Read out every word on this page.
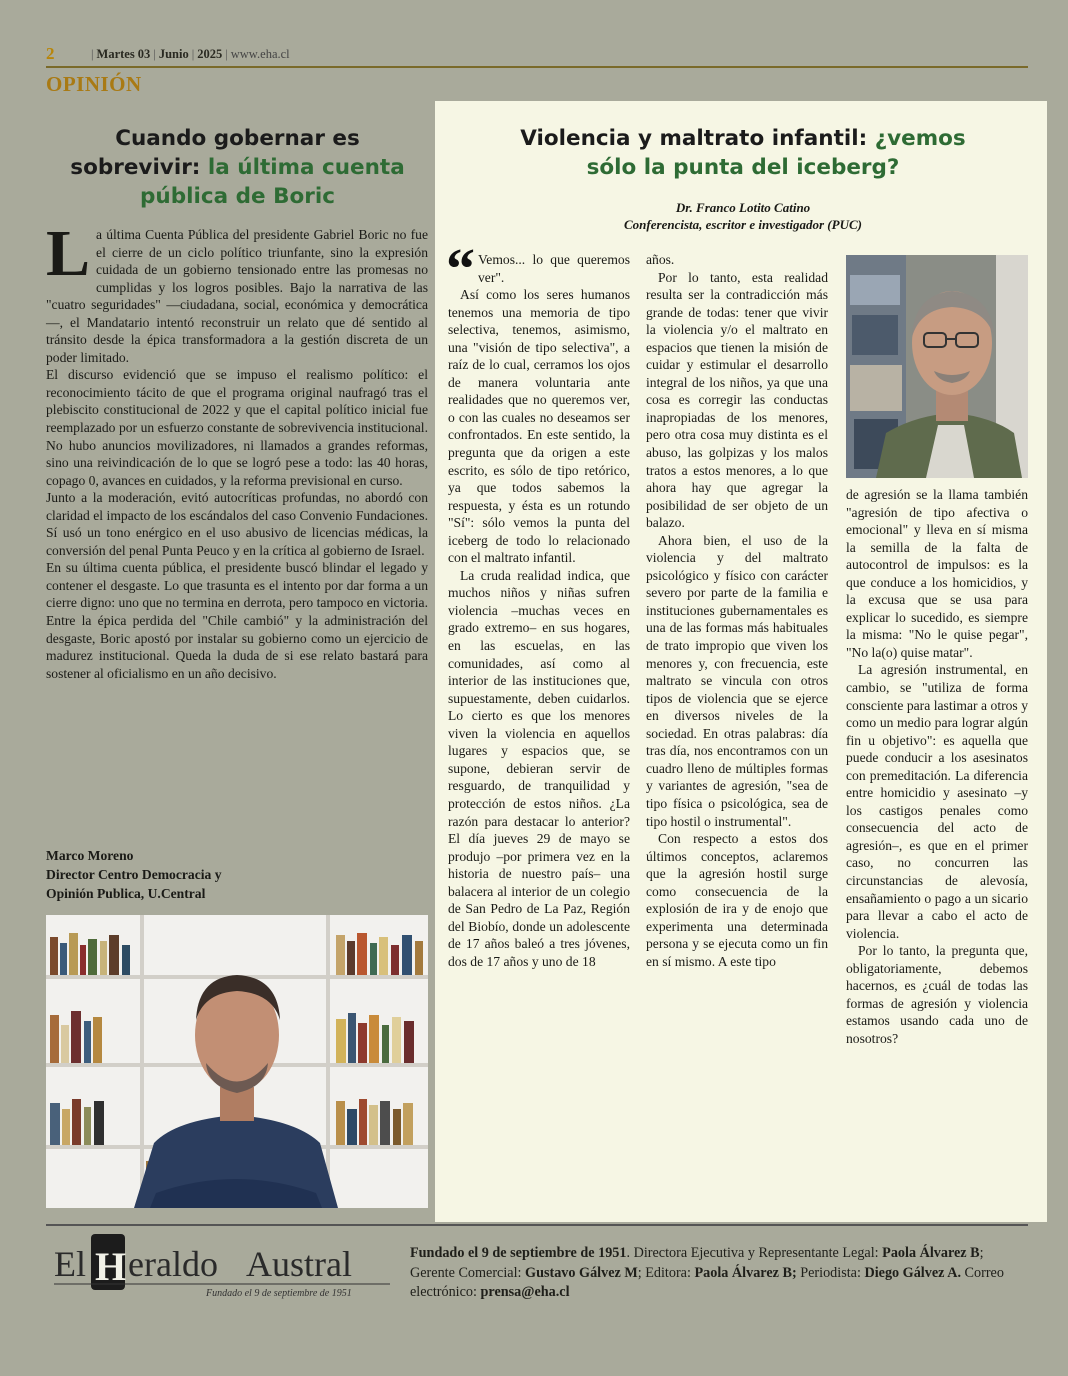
2	| Martes 03 | Junio | 2025 | www.eha.cl
OPINIÓN
Cuando gobernar es sobrevivir: la última cuenta pública de Boric

La última Cuenta Pública del presidente Gabriel Boric no fue el cierre de un ciclo político triunfante, sino la expresión cuidada de un gobierno tensionado entre las promesas no cumplidas y los logros posibles. Bajo la narrativa de las "cuatro seguridades" —ciudadana, social, económica y democrática—, el Mandatario intentó reconstruir un relato que dé sentido al tránsito desde la épica transformadora a la gestión discreta de un poder limitado.

El discurso evidenció que se impuso el realismo político: el reconocimiento tácito de que el programa original naufragó tras el plebiscito constitucional de 2022 y que el capital político inicial fue reemplazado por un esfuerzo constante de sobrevivencia institucional. No hubo anuncios movilizadores, ni llamados a grandes reformas, sino una reivindicación de lo que se logró pese a todo: las 40 horas, copago 0, avances en cuidados, y la reforma previsional en curso.

Junto a la moderación, evitó autocríticas profundas, no abordó con claridad el impacto de los escándalos del caso Convenio Fundaciones. Sí usó un tono enérgico en el uso abusivo de licencias médicas, la conversión del penal Punta Peuco y en la crítica al gobierno de Israel.

En su última cuenta pública, el presidente buscó blindar el legado y contener el desgaste. Lo que trasunta es el intento por dar forma a un cierre digno: uno que no termina en derrota, pero tampoco en victoria. Entre la épica perdida del "Chile cambió" y la administración del desgaste, Boric apostó por instalar su gobierno como un ejercicio de madurez institucional. Queda la duda de si ese relato bastará para sostener al oficialismo en un año decisivo.

Marco Moreno
Director Centro Democracia y
Opinión Publica, U.Central
Violencia y maltrato infantil: ¿vemos
sólo la punta del iceberg?
Dr. Franco Lotito Catino
Conferencista, escritor e investigador (PUC)
“ Vemos... lo que queremos ver".

Así como los seres humanos tenemos una memoria de tipo selectiva, tenemos, asimismo, una "visión de tipo selectiva", a raíz de lo cual, cerramos los ojos de manera voluntaria ante realidades que no queremos ver, o con las cuales no deseamos ser confrontados. En este sentido, la pregunta que da origen a este escrito, es sólo de tipo retórico, ya que todos sabemos la respuesta, y ésta es un rotundo "Sí": sólo vemos la punta del iceberg de todo lo relacionado con el maltrato infantil.

La cruda realidad indica, que muchos niños y niñas sufren violencia –muchas veces en grado extremo– en sus hogares, en las escuelas, en las comunidades, así como al interior de las instituciones que, supuestamente, deben cuidarlos. Lo cierto es que los menores viven la violencia en aquellos lugares y espacios que, se supone, debieran servir de resguardo, de tranquilidad y protección de estos niños. ¿La razón para destacar lo anterior? El día jueves 29 de mayo se produjo –por primera vez en la historia de nuestro país– una balacera al interior de un colegio de San Pedro de La Paz, Región del Biobío, donde un adolescente de 17 años baleó a tres jóvenes, dos de 17 años y uno de 18

años.

Por lo tanto, esta realidad resulta ser la contradicción más grande de todas: tener que vivir la violencia y/o el maltrato en espacios que tienen la misión de cuidar y estimular el desarrollo integral de los niños, ya que una cosa es corregir las conductas inapropiadas de los menores, pero otra cosa muy distinta es el abuso, las golpizas y los malos tratos a estos menores, a lo que ahora hay que agregar la posibilidad de ser objeto de un balazo.

Ahora bien, el uso de la violencia y del maltrato psicológico y físico con carácter severo por parte de la familia e instituciones gubernamentales es una de las formas más habituales de trato impropio que viven los menores y, con frecuencia, este maltrato se vincula con otros tipos de violencia que se ejerce en diversos niveles de la sociedad. En otras palabras: día tras día, nos encontramos con un cuadro lleno de múltiples formas y variantes de agresión, "sea de tipo física o psicológica, sea de tipo hostil o instrumental".

Con respecto a estos dos últimos conceptos, aclaremos que la agresión hostil surge como consecuencia de la explosión de ira y de enojo que experimenta una determinada persona y se ejecuta como un fin en sí mismo. A este tipo

de agresión se la llama también "agresión de tipo afectiva o emocional" y lleva en sí misma la semilla de la falta de autocontrol de impulsos: es la que conduce a los homicidios, y la excusa que se usa para explicar lo sucedido, es siempre la misma: "No le quise pegar", "No la(o) quise matar".

La agresión instrumental, en cambio, se "utiliza de forma consciente para lastimar a otros y como un medio para lograr algún fin u objetivo": es aquella que puede conducir a los asesinatos con premeditación. La diferencia entre homicidio y asesinato –y los castigos penales como consecuencia del acto de agresión–, es que en el primer caso, no concurren las circunstancias de alevosía, ensañamiento o pago a un sicario para llevar a cabo el acto de violencia.

Por lo tanto, la pregunta que, obligatoriamente, debemos hacernos, es ¿cuál de todas las formas de agresión y violencia estamos usando cada uno de nosotros?

El H eraldo Austral
Fundado el 9 de septiembre de 1951
Fundado el 9 de septiembre de 1951. Directora Ejecutiva y Representante Legal: Paola Álvarez B; Gerente Comercial: Gustavo Gálvez M; Editora: Paola Álvarez B; Periodista: Diego Gálvez A. Correo electrónico: prensa@eha.cl
